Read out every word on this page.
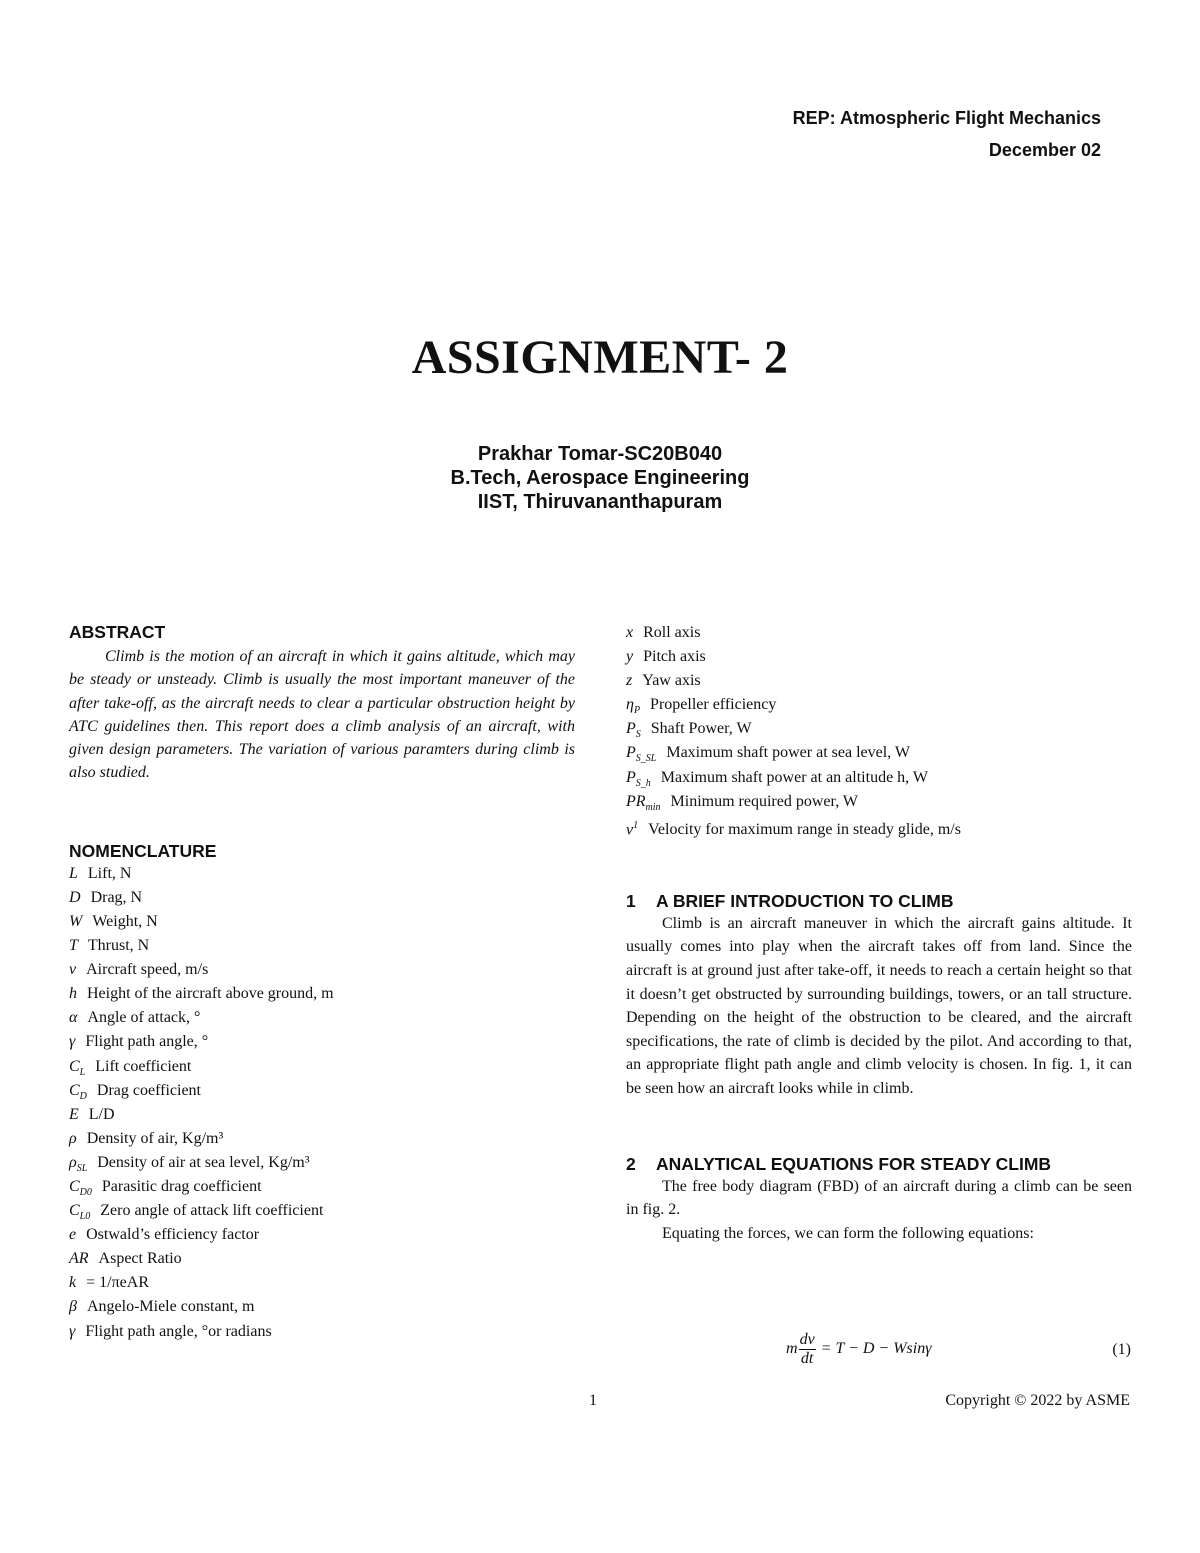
REP: Atmospheric Flight Mechanics
December 02
ASSIGNMENT- 2
Prakhar Tomar-SC20B040
B.Tech, Aerospace Engineering
IIST, Thiruvananthapuram
ABSTRACT
Climb is the motion of an aircraft in which it gains altitude, which may be steady or unsteady. Climb is usually the most important maneuver of the after take-off, as the aircraft needs to clear a particular obstruction height by ATC guidelines then. This report does a climb analysis of an aircraft, with given design parameters. The variation of various paramters during climb is also studied.
NOMENCLATURE
L Lift, N
D Drag, N
W Weight, N
T Thrust, N
v Aircraft speed, m/s
h Height of the aircraft above ground, m
α Angle of attack, °
γ Flight path angle, °
$C_L$ Lift coefficient
$C_D$ Drag coefficient
E L/D
ρ Density of air, Kg/m³
$\rho_{SL}$ Density of air at sea level, Kg/m³
$C_{D0}$ Parasitic drag coefficient
$C_{L0}$ Zero angle of attack lift coefficient
e Ostwald’s efficiency factor
AR Aspect Ratio
k = 1/πeAR
β Angelo-Miele constant, m
γ Flight path angle, °or radians
x Roll axis
y Pitch axis
z Yaw axis
$\eta_P$ Propeller efficiency
$P_S$ Shaft Power, W
$P_{S\_SL}$ Maximum shaft power at sea level, W
$P_{S\_h}$ Maximum shaft power at an altitude h, W
$PR_{min}$ Minimum required power, W
$v^1$ Velocity for maximum range in steady glide, m/s
1 A BRIEF INTRODUCTION TO CLIMB
Climb is an aircraft maneuver in which the aircraft gains altitude. It usually comes into play when the aircraft takes off from land. Since the aircraft is at ground just after take-off, it needs to reach a certain height so that it doesn’t get obstructed by surrounding buildings, towers, or an tall structure. Depending on the height of the obstruction to be cleared, and the aircraft specifications, the rate of climb is decided by the pilot. And according to that, an appropriate flight path angle and climb velocity is chosen. In fig. 1, it can be seen how an aircraft looks while in climb.
2 ANALYTICAL EQUATIONS FOR STEADY CLIMB
The free body diagram (FBD) of an aircraft during a climb can be seen in fig. 2.
Equating the forces, we can form the following equations:
m $\frac{dv}{dt} = T - D - Wsin\gamma$	(1)
1	Copyright © 2022 by ASME
